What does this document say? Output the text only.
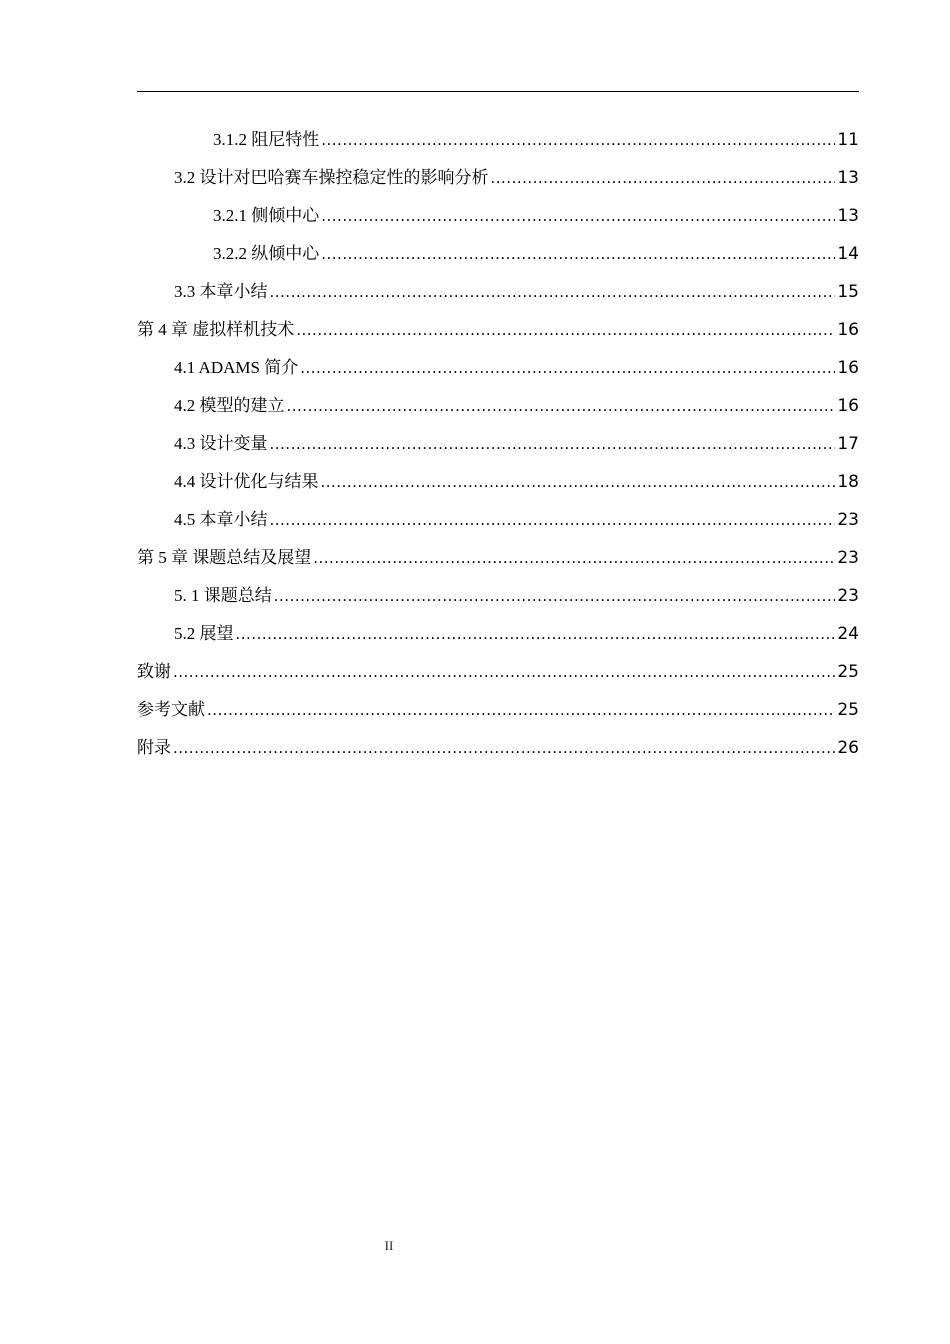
3.1.2 阻尼特性 .....	11
3.2 设计对巴哈赛车操控稳定性的影响分析 .....	13
3.2.1 侧倾中心 .....	13
3.2.2 纵倾中心 .....	14
3.3 本章小结 .....	15
第 4 章 虚拟样机技术 .....	16
4.1 ADAMS 简介 .....	16
4.2 模型的建立 .....	16
4.3 设计变量 .....	17
4.4 设计优化与结果 .....	18
4.5 本章小结 .....	23
第 5 章 课题总结及展望 .....	23
5. 1 课题总结 .....	23
5.2 展望 .....	24
致谢 .....	25
参考文献 .....	25
附录 .....	26
II
